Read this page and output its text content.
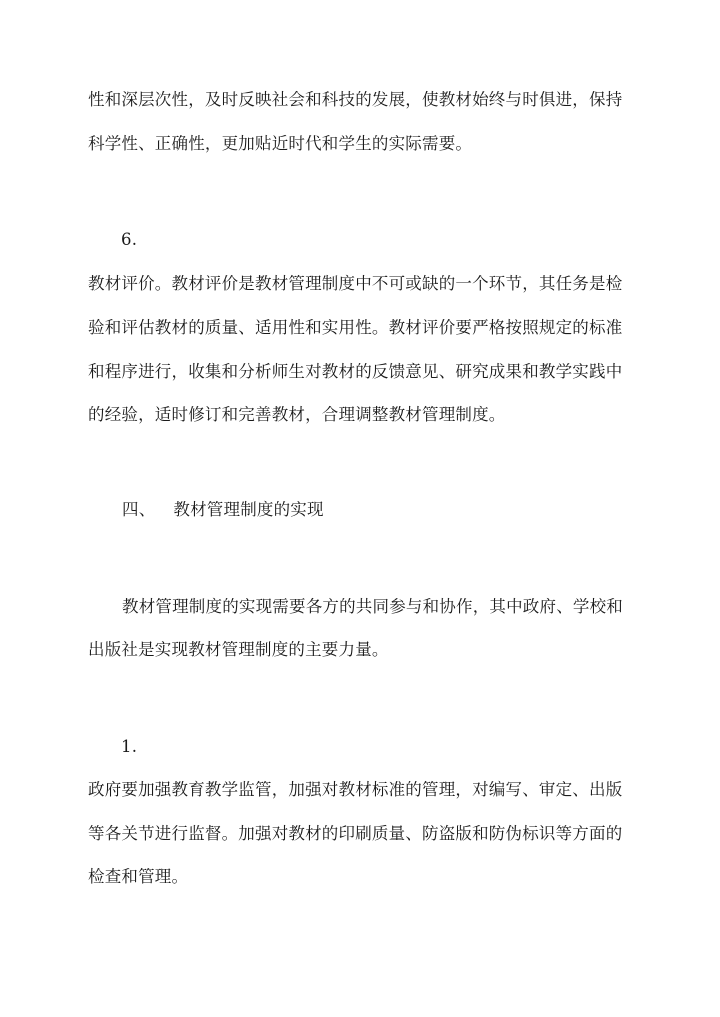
性和深层次性，及时反映社会和科技的发展，使教材始终与时俱进，保持
科学性、正确性，更加贴近时代和学生的实际需要。
6.
教材评价。教材评价是教材管理制度中不可或缺的一个环节，其任务是检
验和评估教材的质量、适用性和实用性。教材评价要严格按照规定的标准
和程序进行，收集和分析师生对教材的反馈意见、研究成果和教学实践中
的经验，适时修订和完善教材，合理调整教材管理制度。
四、 教材管理制度的实现
教材管理制度的实现需要各方的共同参与和协作，其中政府、学校和
出版社是实现教材管理制度的主要力量。
1.
政府要加强教育教学监管，加强对教材标准的管理，对编写、审定、出版
等各关节进行监督。加强对教材的印刷质量、防盗版和防伪标识等方面的
检查和管理。
